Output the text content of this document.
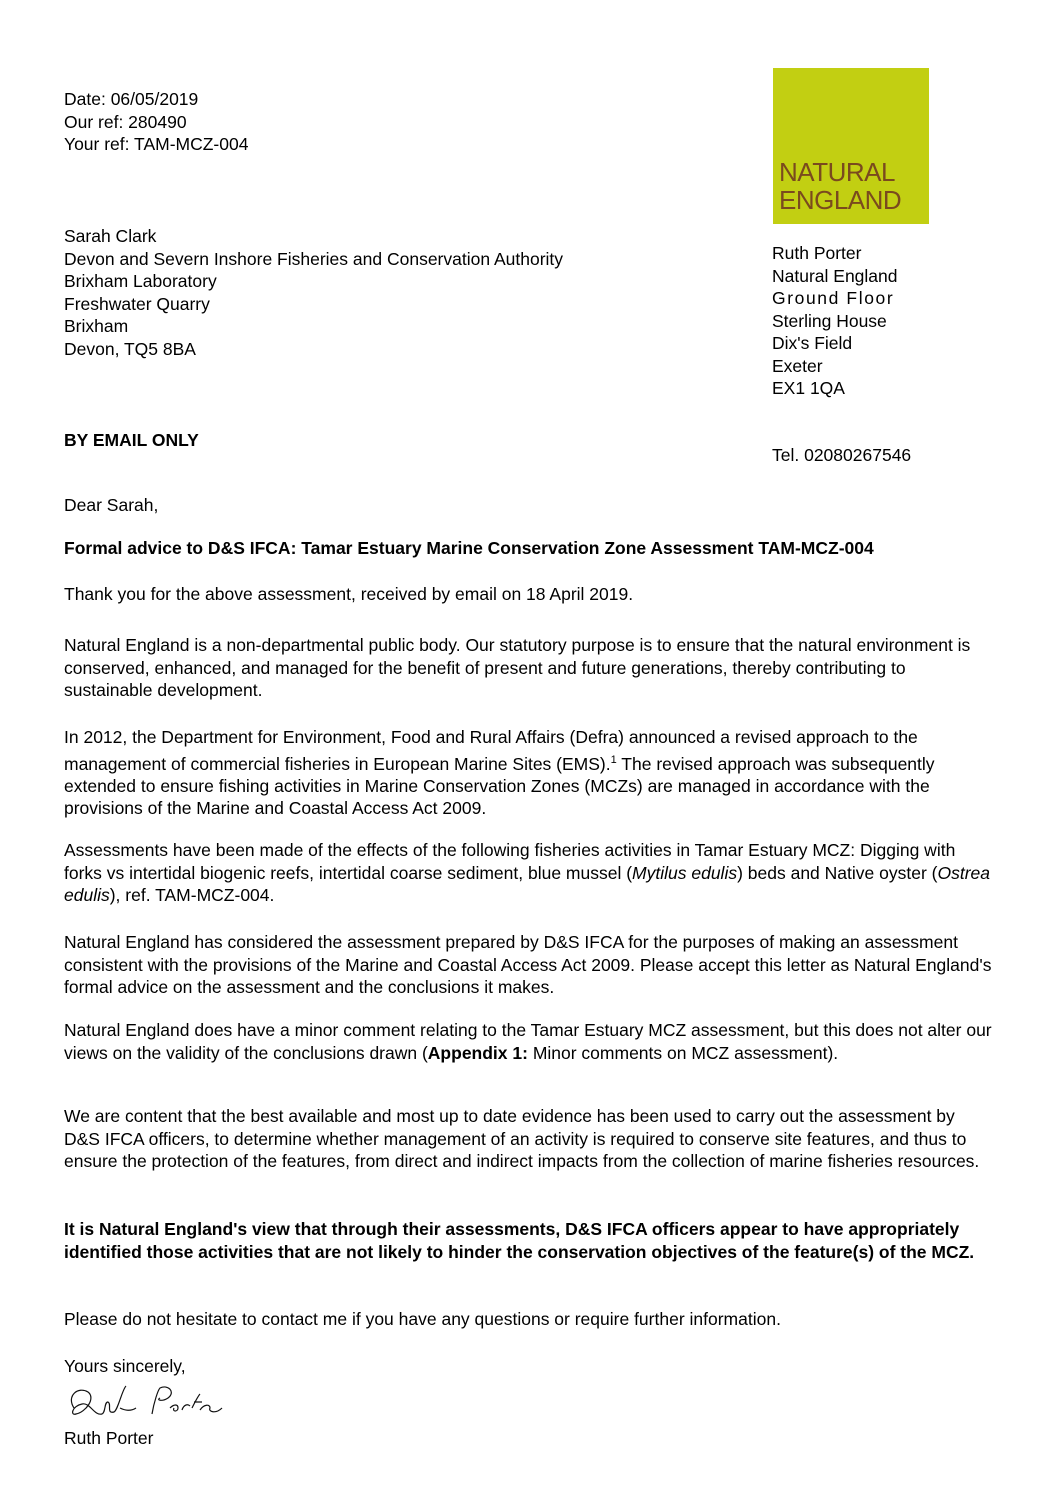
Date: 06/05/2019
Our ref: 280490
Your ref: TAM-MCZ-004
NATURAL
ENGLAND
Sarah Clark
Devon and Severn Inshore Fisheries and Conservation Authority
Brixham Laboratory
Freshwater Quarry
Brixham
Devon, TQ5 8BA
Ruth Porter
Natural England
Ground Floor
Sterling House
Dix's Field
Exeter
EX1 1QA
BY EMAIL ONLY
Tel. 02080267546
Dear Sarah,
Formal advice to D&S IFCA: Tamar Estuary Marine Conservation Zone Assessment TAM-MCZ-004
Thank you for the above assessment, received by email on 18 April 2019.
Natural England is a non-departmental public body. Our statutory purpose is to ensure that the natural environment is conserved, enhanced, and managed for the benefit of present and future generations, thereby contributing to sustainable development.
In 2012, the Department for Environment, Food and Rural Affairs (Defra) announced a revised approach to the management of commercial fisheries in European Marine Sites (EMS).$^1$ The revised approach was subsequently extended to ensure fishing activities in Marine Conservation Zones (MCZs) are managed in accordance with the provisions of the Marine and Coastal Access Act 2009.
Assessments have been made of the effects of the following fisheries activities in Tamar Estuary MCZ: Digging with forks vs intertidal biogenic reefs, intertidal coarse sediment, blue mussel (Mytilus edulis) beds and Native oyster (Ostrea edulis), ref. TAM-MCZ-004.
Natural England has considered the assessment prepared by D&S IFCA for the purposes of making an assessment consistent with the provisions of the Marine and Coastal Access Act 2009. Please accept this letter as Natural England's formal advice on the assessment and the conclusions it makes.
Natural England does have a minor comment relating to the Tamar Estuary MCZ assessment, but this does not alter our views on the validity of the conclusions drawn (Appendix 1: Minor comments on MCZ assessment).
We are content that the best available and most up to date evidence has been used to carry out the assessment by D&S IFCA officers, to determine whether management of an activity is required to conserve site features, and thus to ensure the protection of the features, from direct and indirect impacts from the collection of marine fisheries resources.
It is Natural England's view that through their assessments, D&S IFCA officers appear to have appropriately identified those activities that are not likely to hinder the conservation objectives of the feature(s) of the MCZ.
Please do not hesitate to contact me if you have any questions or require further information.
Yours sincerely,
Ruth Porter
